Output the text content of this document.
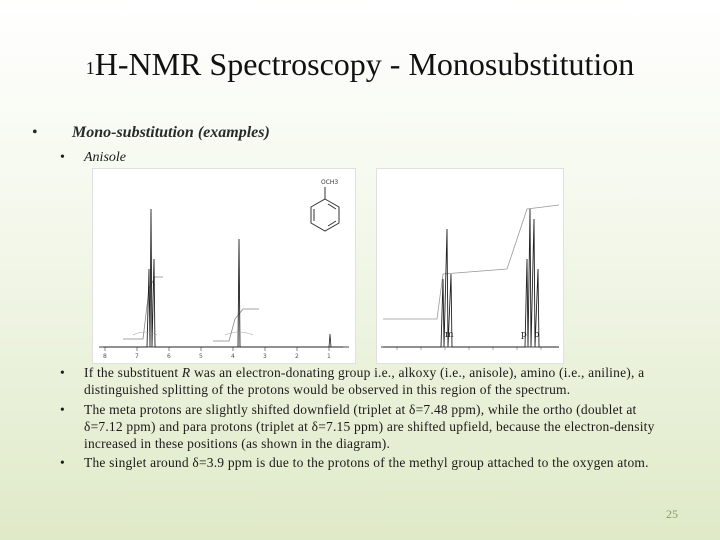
$^1$H-NMR Spectroscopy - Monosubstitution
• Mono-substitution (examples)
• Anisole
8	7	6	5	4	3	2	1
OCH3
m	p o
• If the substituent R was an electron-donating group i.e., alkoxy (i.e., anisole), amino (i.e., aniline), a distinguished splitting of the protons would be observed in this region of the spectrum.
• The meta protons are slightly shifted downfield (triplet at δ=7.48 ppm), while the ortho (doublet at δ=7.12 ppm) and para protons (triplet at δ=7.15 ppm) are shifted upfield, because the electron-density increased in these positions (as shown in the diagram).
• The singlet around δ=3.9 ppm is due to the protons of the methyl group attached to the oxygen atom.
25
